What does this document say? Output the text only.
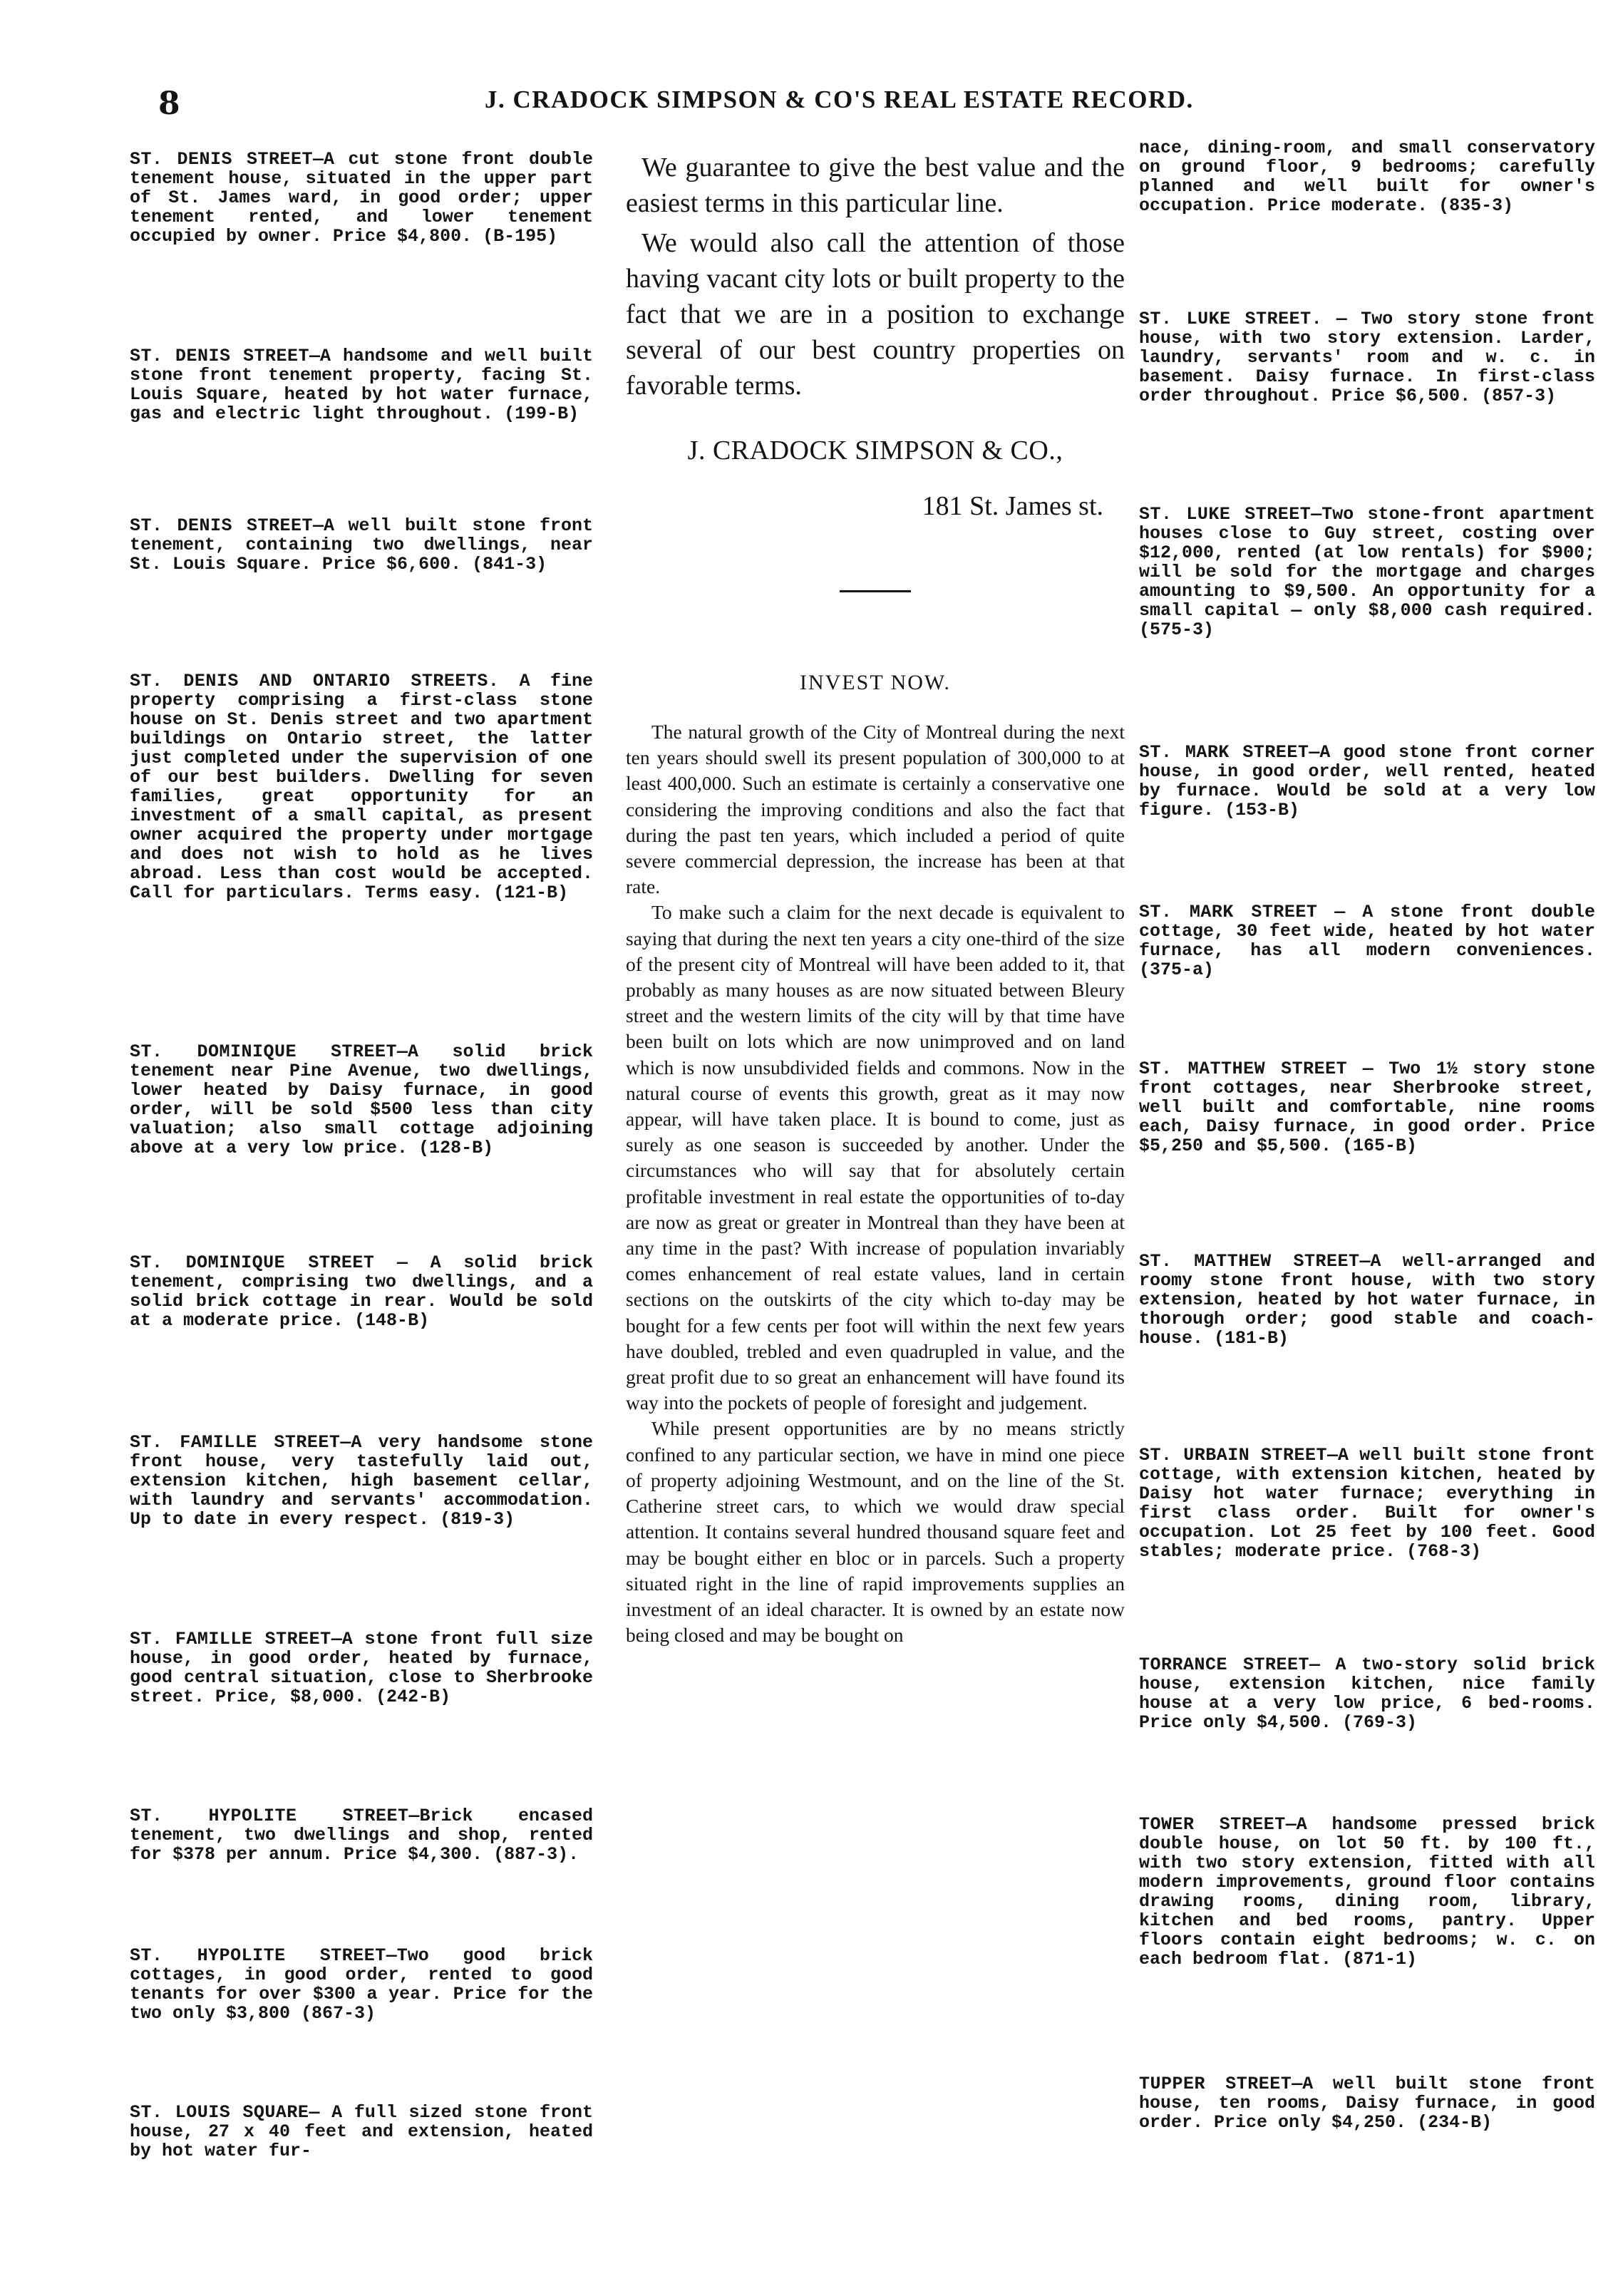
8	J. CRADOCK SIMPSON & CO'S REAL ESTATE RECORD.
ST. DENIS STREET—A cut stone front double tenement house, situated in the upper part of St. James ward, in good order; upper tenement rented, and lower tenement occupied by owner. Price $4,800. (B-195)
ST. DENIS STREET—A handsome and well built stone front tenement property, facing St. Louis Square, heated by hot water furnace, gas and electric light throughout. (199-B)
ST. DENIS STREET—A well built stone front tenement, containing two dwellings, near St. Louis Square. Price $6,600. (841-3)
ST. DENIS AND ONTARIO STREETS. A fine property comprising a first-class stone house on St. Denis street and two apartment buildings on Ontario street, the latter just completed under the supervision of one of our best builders. Dwelling for seven families, great opportunity for an investment of a small capital, as present owner acquired the property under mortgage and does not wish to hold as he lives abroad. Less than cost would be accepted. Call for particulars. Terms easy. (121-B)
ST. DOMINIQUE STREET—A solid brick tenement near Pine Avenue, two dwellings, lower heated by Daisy furnace, in good order, will be sold $500 less than city valuation; also small cottage adjoining above at a very low price. (128-B)
ST. DOMINIQUE STREET — A solid brick tenement, comprising two dwellings, and a solid brick cottage in rear. Would be sold at a moderate price. (148-B)
ST. FAMILLE STREET—A very handsome stone front house, very tastefully laid out, extension kitchen, high basement cellar, with laundry and servants' accommodation. Up to date in every respect. (819-3)
ST. FAMILLE STREET—A stone front full size house, in good order, heated by furnace, good central situation, close to Sherbrooke street. Price, $8,000. (242-B)
ST. HYPOLITE STREET—Brick encased tenement, two dwellings and shop, rented for $378 per annum. Price $4,300. (887-3).
ST. HYPOLITE STREET—Two good brick cottages, in good order, rented to good tenants for over $300 a year. Price for the two only $3,800 (867-3)
ST. LOUIS SQUARE— A full sized stone front house, 27 x 40 feet and extension, heated by hot water fur-

We guarantee to give the best value and the easiest terms in this particular line.

We would also call the attention of those having vacant city lots or built property to the fact that we are in a position to exchange several of our best country properties on favorable terms.

J. CRADOCK SIMPSON & CO.,
181 St. James st.
INVEST NOW.

The natural growth of the City of Montreal during the next ten years should swell its present population of 300,000 to at least 400,000. Such an estimate is certainly a conservative one considering the improving conditions and also the fact that during the past ten years, which included a period of quite severe commercial depression, the increase has been at that rate.

To make such a claim for the next decade is equivalent to saying that during the next ten years a city one-third of the size of the present city of Montreal will have been added to it, that probably as many houses as are now situated between Bleury street and the western limits of the city will by that time have been built on lots which are now unimproved and on land which is now unsubdivided fields and commons. Now in the natural course of events this growth, great as it may now appear, will have taken place. It is bound to come, just as surely as one season is succeeded by another. Under the circumstances who will say that for absolutely certain profitable investment in real estate the opportunities of to-day are now as great or greater in Montreal than they have been at any time in the past? With increase of population invariably comes enhancement of real estate values, land in certain sections on the outskirts of the city which to-day may be bought for a few cents per foot will within the next few years have doubled, trebled and even quadrupled in value, and the great profit due to so great an enhancement will have found its way into the pockets of people of foresight and judgement.

While present opportunities are by no means strictly confined to any particular section, we have in mind one piece of property adjoining Westmount, and on the line of the St. Catherine street cars, to which we would draw special attention. It contains several hundred thousand square feet and may be bought either en bloc or in parcels. Such a property situated right in the line of rapid improvements supplies an investment of an ideal character. It is owned by an estate now being closed and may be bought on

nace, dining-room, and small conservatory on ground floor, 9 bedrooms; carefully planned and well built for owner's occupation. Price moderate. (835-3)
ST. LUKE STREET. — Two story stone front house, with two story extension. Larder, laundry, servants' room and w. c. in basement. Daisy furnace. In first-class order throughout. Price $6,500. (857-3)
ST. LUKE STREET—Two stone-front apartment houses close to Guy street, costing over $12,000, rented (at low rentals) for $900; will be sold for the mortgage and charges amounting to $9,500. An opportunity for a small capital — only $8,000 cash required. (575-3)
ST. MARK STREET—A good stone front corner house, in good order, well rented, heated by furnace. Would be sold at a very low figure. (153-B)
ST. MARK STREET — A stone front double cottage, 30 feet wide, heated by hot water furnace, has all modern conveniences. (375-a)
ST. MATTHEW STREET — Two 1½ story stone front cottages, near Sherbrooke street, well built and comfortable, nine rooms each, Daisy furnace, in good order. Price $5,250 and $5,500. (165-B)
ST. MATTHEW STREET—A well-arranged and roomy stone front house, with two story extension, heated by hot water furnace, in thorough order; good stable and coach-house. (181-B)
ST. URBAIN STREET—A well built stone front cottage, with extension kitchen, heated by Daisy hot water furnace; everything in first class order. Built for owner's occupation. Lot 25 feet by 100 feet. Good stables; moderate price. (768-3)
TORRANCE STREET— A two-story solid brick house, extension kitchen, nice family house at a very low price, 6 bed-rooms. Price only $4,500. (769-3)
TOWER STREET—A handsome pressed brick double house, on lot 50 ft. by 100 ft., with two story extension, fitted with all modern improvements, ground floor contains drawing rooms, dining room, library, kitchen and bed rooms, pantry. Upper floors contain eight bedrooms; w. c. on each bedroom flat. (871-1)
TUPPER STREET—A well built stone front house, ten rooms, Daisy furnace, in good order. Price only $4,250. (234-B)
